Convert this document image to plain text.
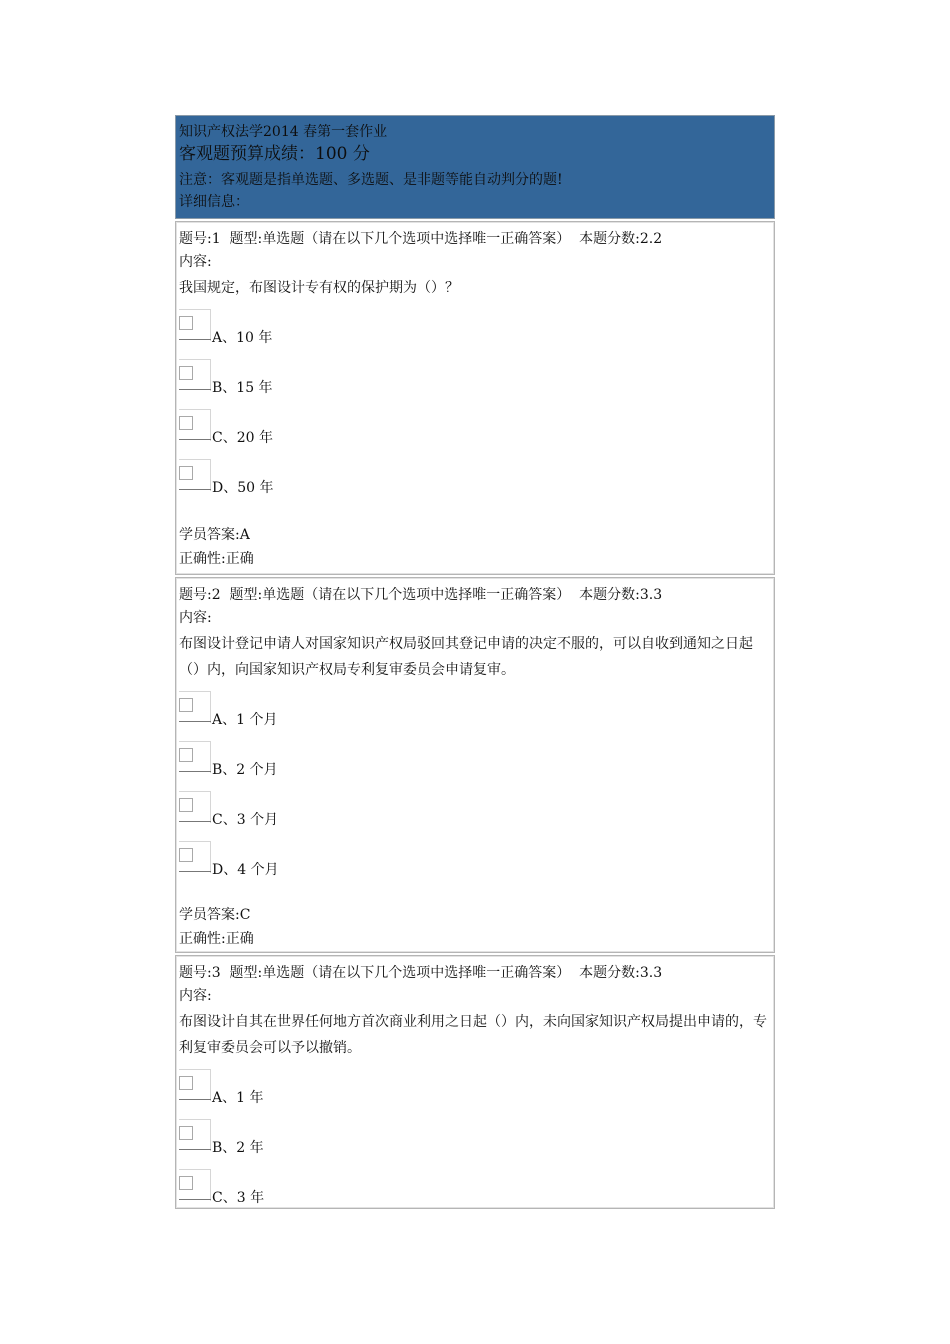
知识产权法学2014 春第一套作业
客观题预算成绩：100 分
注意：客观题是指单选题、多选题、是非题等能自动判分的题!
详细信息：
题号:1  题型:单选题（请在以下几个选项中选择唯一正确答案）  本题分数:2.2
内容:
我国规定，布图设计专有权的保护期为（）？
A、10 年
B、15 年
C、20 年
D、50 年
学员答案:A
正确性:正确
题号:2  题型:单选题（请在以下几个选项中选择唯一正确答案）  本题分数:3.3
内容:
布图设计登记申请人对国家知识产权局驳回其登记申请的决定不服的，可以自收到通知之日起（）内，向国家知识产权局专利复审委员会申请复审。
A、1 个月
B、2 个月
C、3 个月
D、4 个月
学员答案:C
正确性:正确
题号:3  题型:单选题（请在以下几个选项中选择唯一正确答案）  本题分数:3.3
内容:
布图设计自其在世界任何地方首次商业利用之日起（）内，未向国家知识产权局提出申请的，专利复审委员会可以予以撤销。
A、1 年
B、2 年
C、3 年
